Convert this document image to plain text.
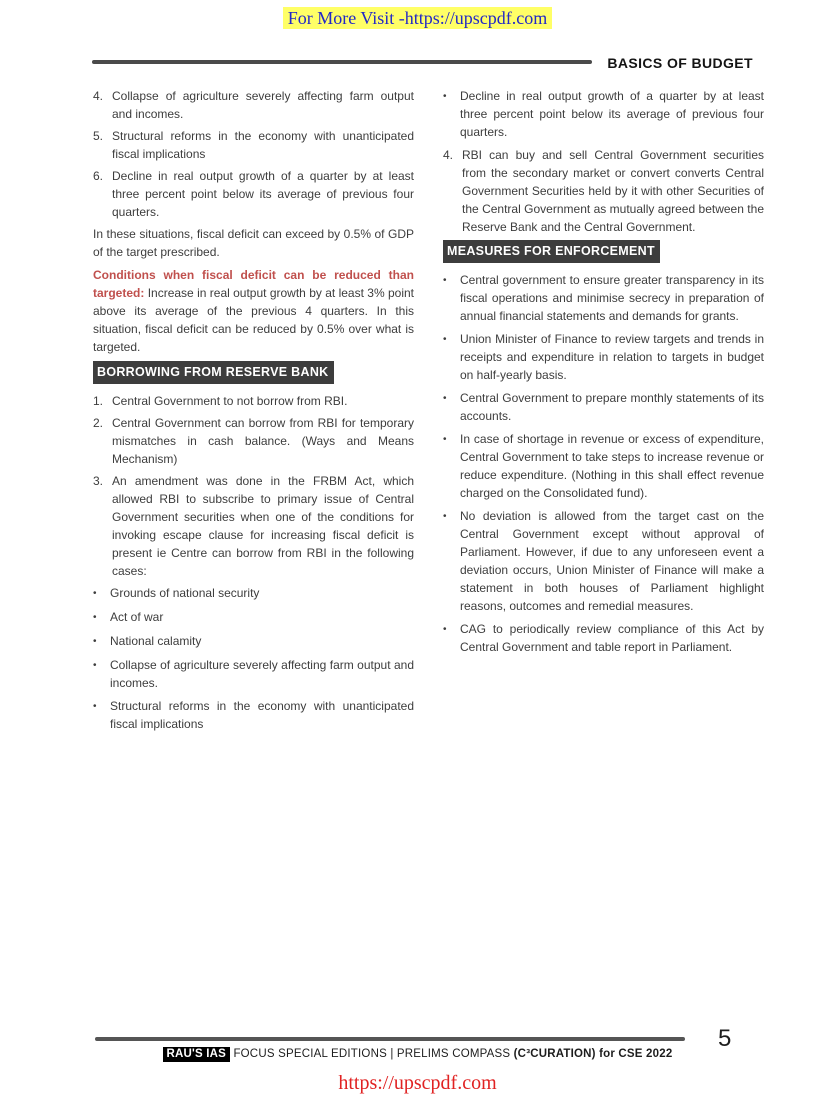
For More Visit -https://upscpdf.com
BASICS OF BUDGET
4. Collapse of agriculture severely affecting farm output and incomes.
5. Structural reforms in the economy with unanticipated fiscal implications
6. Decline in real output growth of a quarter by at least three percent point below its average of previous four quarters.

In these situations, fiscal deficit can exceed by 0.5% of GDP of the target prescribed.

Conditions when fiscal deficit can be reduced than targeted: Increase in real output growth by at least 3% point above its average of the previous 4 quarters. In this situation, fiscal deficit can be reduced by 0.5% over what is targeted.

BORROWING FROM RESERVE BANK
1. Central Government to not borrow from RBI.
2. Central Government can borrow from RBI for temporary mismatches in cash balance. (Ways and Means Mechanism)
3. An amendment was done in the FRBM Act, which allowed RBI to subscribe to primary issue of Central Government securities when one of the conditions for invoking escape clause for increasing fiscal deficit is present ie Centre can borrow from RBI in the following cases:
•	Grounds of national security
•	Act of war
•	National calamity
•	Collapse of agriculture severely affecting farm output and incomes.
•	Structural reforms in the economy with unanticipated fiscal implications
•	Decline in real output growth of a quarter by at least three percent point below its average of previous four quarters.
4. RBI can buy and sell Central Government securities from the secondary market or convert converts Central Government Securities held by it with other Securities of the Central Government as mutually agreed between the Reserve Bank and the Central Government.
MEASURES FOR ENFORCEMENT
•	Central government to ensure greater transparency in its fiscal operations and minimise secrecy in preparation of annual financial statements and demands for grants.
•	Union Minister of Finance to review targets and trends in receipts and expenditure in relation to targets in budget on half-yearly basis.
•	Central Government to prepare monthly statements of its accounts.
•	In case of shortage in revenue or excess of expenditure, Central Government to take steps to increase revenue or reduce expenditure. (Nothing in this shall effect revenue charged on the Consolidated fund).
•	No deviation is allowed from the target cast on the Central Government except without approval of Parliament. However, if due to any unforeseen event a deviation occurs, Union Minister of Finance will make a statement in both houses of Parliament highlight reasons, outcomes and remedial measures.
•	CAG to periodically review compliance of this Act by Central Government and table report in Parliament.
5
RAU'S IAS FOCUS SPECIAL EDITIONS | PRELIMS COMPASS (C³CURATION) for CSE 2022
https://upscpdf.com
